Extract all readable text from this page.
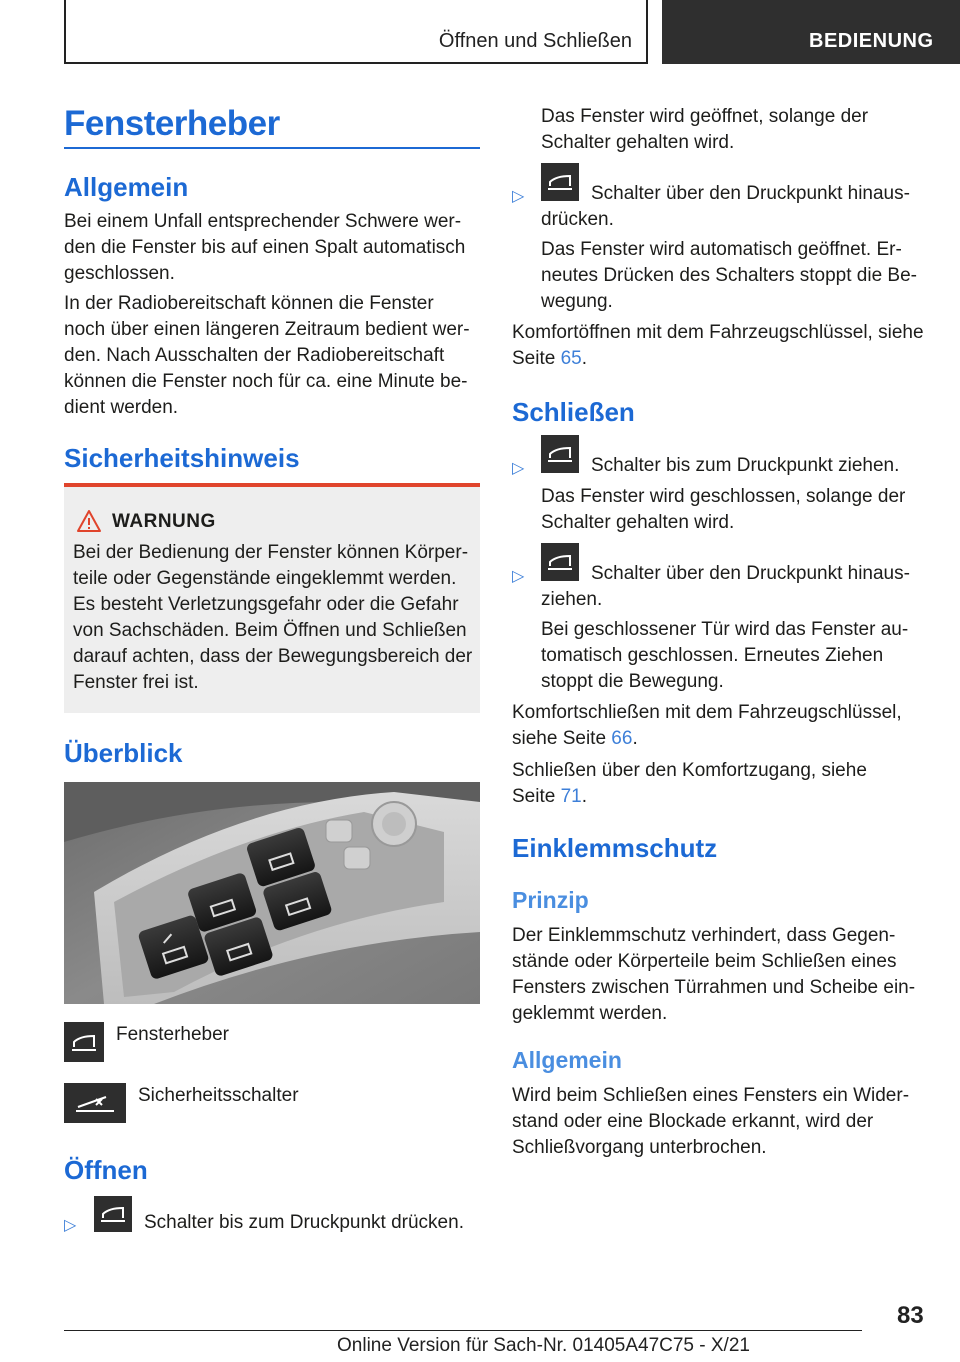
Öffnen und Schließen	BEDIENUNG
Fensterheber
Allgemein
Bei einem Unfall entsprechender Schwere wer-
den die Fenster bis auf einen Spalt automatisch
geschlossen.
In der Radiobereitschaft können die Fenster
noch über einen längeren Zeitraum bedient wer-
den. Nach Ausschalten der Radiobereitschaft
können die Fenster noch für ca. eine Minute be-
dient werden.
Sicherheitshinweis
WARNUNG
Bei der Bedienung der Fenster können Körper-
teile oder Gegenstände eingeklemmt werden.
Es besteht Verletzungsgefahr oder die Gefahr
von Sachschäden. Beim Öffnen und Schließen
darauf achten, dass der Bewegungsbereich der
Fenster frei ist.
Überblick
Fensterheber
Sicherheitsschalter
Öffnen
▷	Schalter bis zum Druckpunkt drücken.
Das Fenster wird geöffnet, solange der
Schalter gehalten wird.
▷	Schalter über den Druckpunkt hinaus-
drücken.
Das Fenster wird automatisch geöffnet. Er-
neutes Drücken des Schalters stoppt die Be-
wegung.
Komfortöffnen mit dem Fahrzeugschlüssel, siehe
Seite 65.
Schließen
▷	Schalter bis zum Druckpunkt ziehen.
Das Fenster wird geschlossen, solange der
Schalter gehalten wird.
▷	Schalter über den Druckpunkt hinaus-
ziehen.
Bei geschlossener Tür wird das Fenster au-
tomatisch geschlossen. Erneutes Ziehen
stoppt die Bewegung.
Komfortschließen mit dem Fahrzeugschlüssel,
siehe Seite 66.
Schließen über den Komfortzugang, siehe
Seite 71.
Einklemmschutz
Prinzip
Der Einklemmschutz verhindert, dass Gegen-
stände oder Körperteile beim Schließen eines
Fensters zwischen Türrahmen und Scheibe ein-
geklemmt werden.
Allgemein
Wird beim Schließen eines Fensters ein Wider-
stand oder eine Blockade erkannt, wird der
Schließvorgang unterbrochen.
83
Online Version für Sach-Nr. 01405A47C75 - X/21
